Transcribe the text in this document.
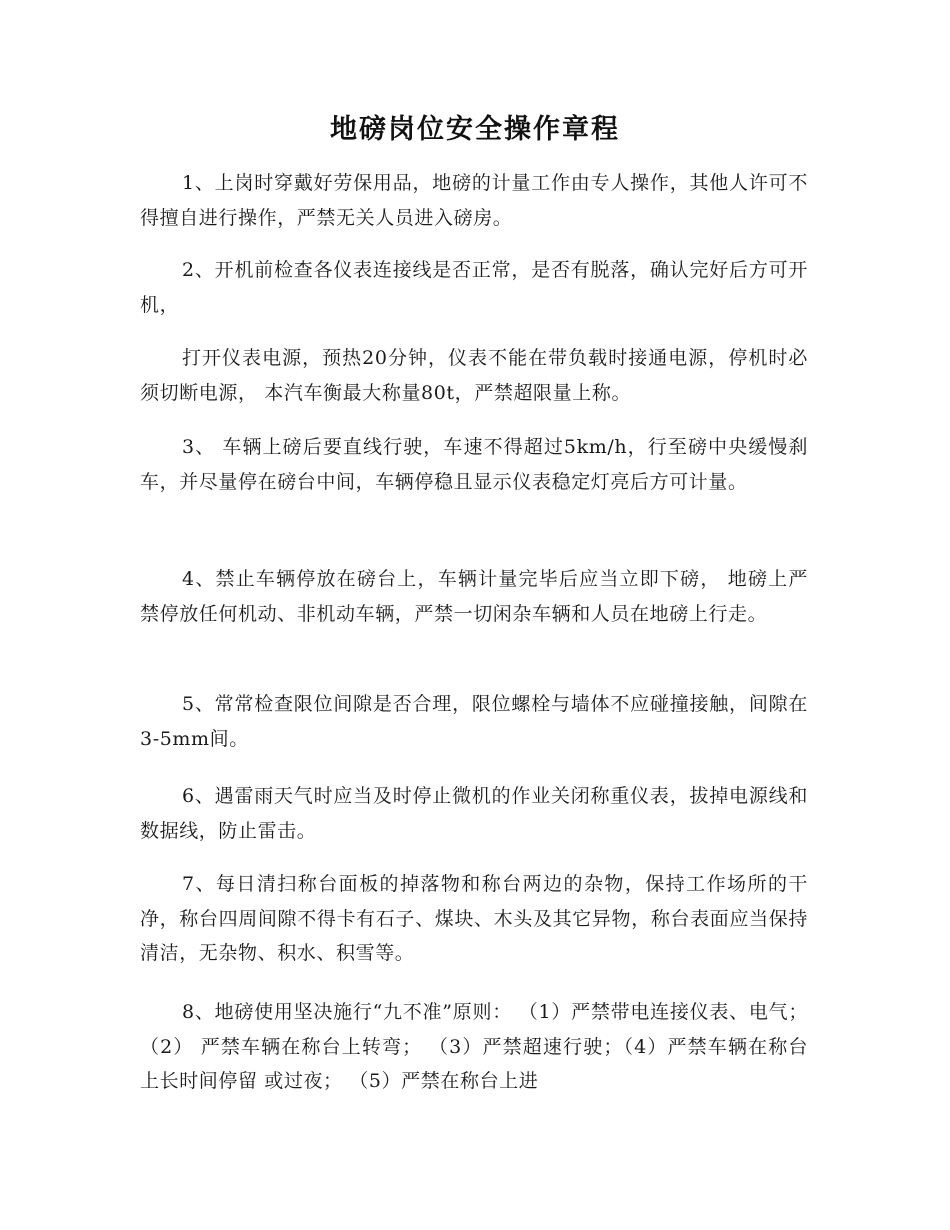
地磅岗位安全操作章程

1、上岗时穿戴好劳保用品，地磅的计量工作由专人操作，其他人许可不得擅自进行操作，严禁无关人员进入磅房。

2、开机前检查各仪表连接线是否正常，是否有脱落，确认完好后方可开机，

打开仪表电源，预热20分钟，仪表不能在带负载时接通电源，停机时必须切断电源， 本汽车衡最大称量80t，严禁超限量上称。

3、 车辆上磅后要直线行驶，车速不得超过5km/h，行至磅中央缓慢刹车，并尽量停在磅台中间，车辆停稳且显示仪表稳定灯亮后方可计量。

4、禁止车辆停放在磅台上，车辆计量完毕后应当立即下磅， 地磅上严禁停放任何机动、非机动车辆，严禁一切闲杂车辆和人员在地磅上行走。

5、常常检查限位间隙是否合理，限位螺栓与墙体不应碰撞接触，间隙在3-5mm间。

6、遇雷雨天气时应当及时停止微机的作业关闭称重仪表，拔掉电源线和数据线，防止雷击。

7、每日清扫称台面板的掉落物和称台两边的杂物，保持工作场所的干净，称台四周间隙不得卡有石子、煤块、木头及其它异物，称台表面应当保持清洁，无杂物、积水、积雪等。

8、地磅使用坚决施行“九不准”原则： （1）严禁带电连接仪表、电气； （2） 严禁车辆在称台上转弯； （3）严禁超速行驶；（4）严禁车辆在称台上长时间停留 或过夜； （5）严禁在称台上进
